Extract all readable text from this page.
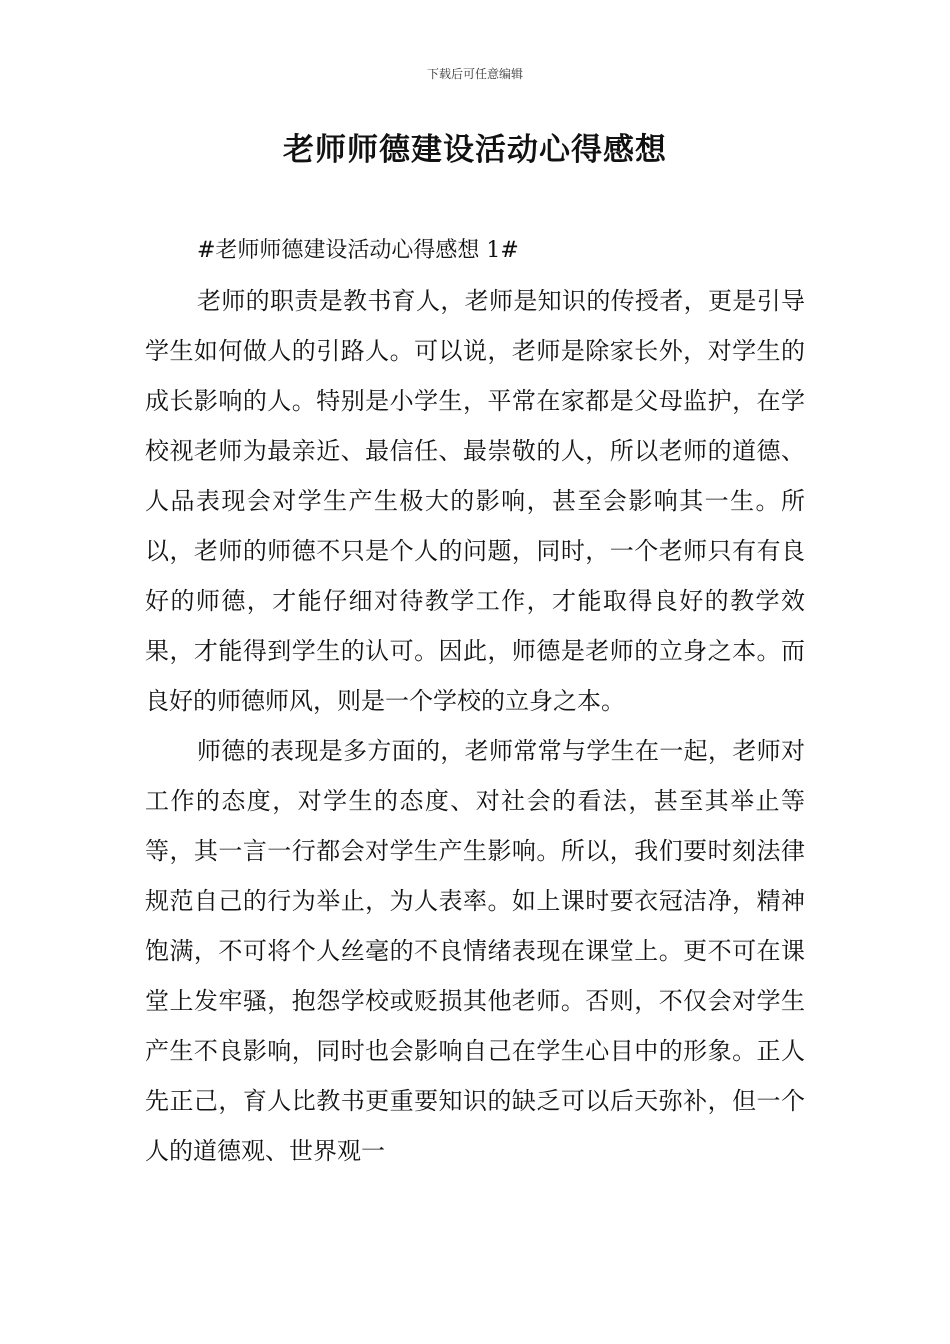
下载后可任意编辑
老师师德建设活动心得感想

#老师师德建设活动心得感想 1#

老师的职责是教书育人，老师是知识的传授者，更是引导学生如何做人的引路人。可以说，老师是除家长外，对学生的成长影响的人。特别是小学生，平常在家都是父母监护，在学校视老师为最亲近、最信任、最崇敬的人，所以老师的道德、人品表现会对学生产生极大的影响，甚至会影响其一生。所以，老师的师德不只是个人的问题，同时，一个老师只有有良好的师德，才能仔细对待教学工作，才能取得良好的教学效果，才能得到学生的认可。因此，师德是老师的立身之本。而良好的师德师风，则是一个学校的立身之本。

师德的表现是多方面的，老师常常与学生在一起，老师对工作的态度，对学生的态度、对社会的看法，甚至其举止等等，其一言一行都会对学生产生影响。所以，我们要时刻法律规范自己的行为举止，为人表率。如上课时要衣冠洁净，精神饱满，不可将个人丝毫的不良情绪表现在课堂上。更不可在课堂上发牢骚，抱怨学校或贬损其他老师。否则，不仅会对学生产生不良影响，同时也会影响自己在学生心目中的形象。正人先正己，育人比教书更重要知识的缺乏可以后天弥补，但一个人的道德观、世界观一
